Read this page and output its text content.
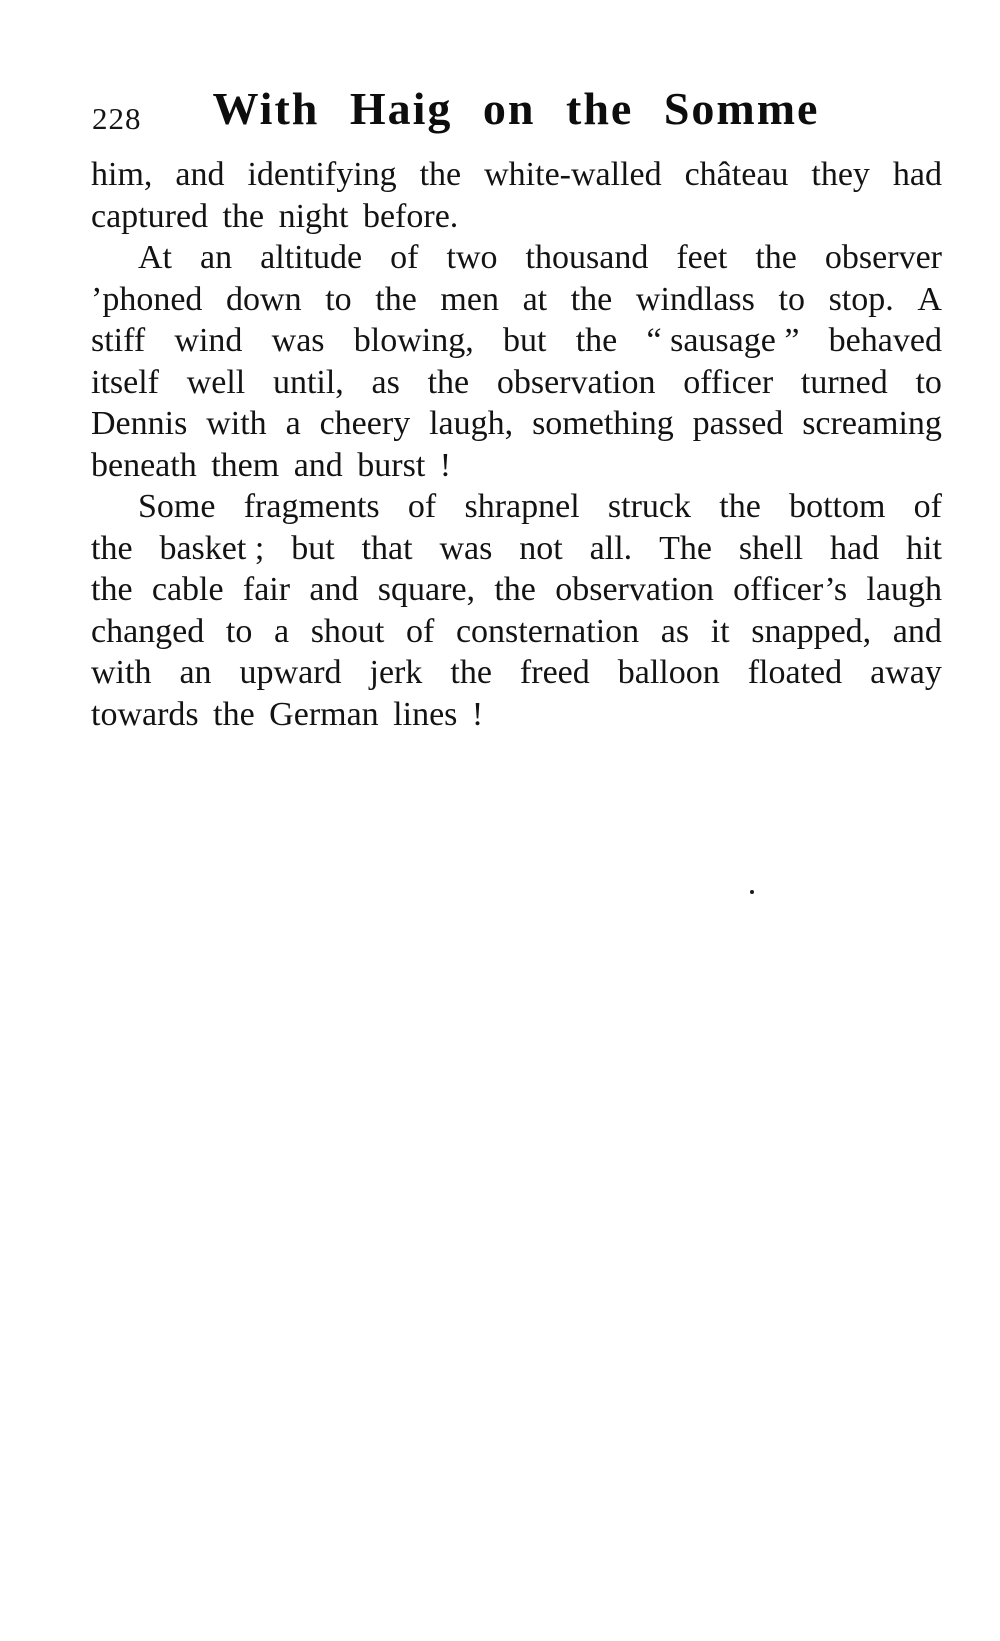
228	With Haig on the Somme
him, and identifying the white-walled château they had
captured the night before.
At an altitude of two thousand feet the observer
’phoned down to the men at the windlass to stop. A
stiff wind was blowing, but the “ sausage ” behaved
itself well until, as the observation officer turned to
Dennis with a cheery laugh, something passed screaming
beneath them and burst !
Some fragments of shrapnel struck the bottom of
the basket ; but that was not all. The shell had hit
the cable fair and square, the observation officer’s laugh
changed to a shout of consternation as it snapped, and
with an upward jerk the freed balloon floated away
towards the German lines !
